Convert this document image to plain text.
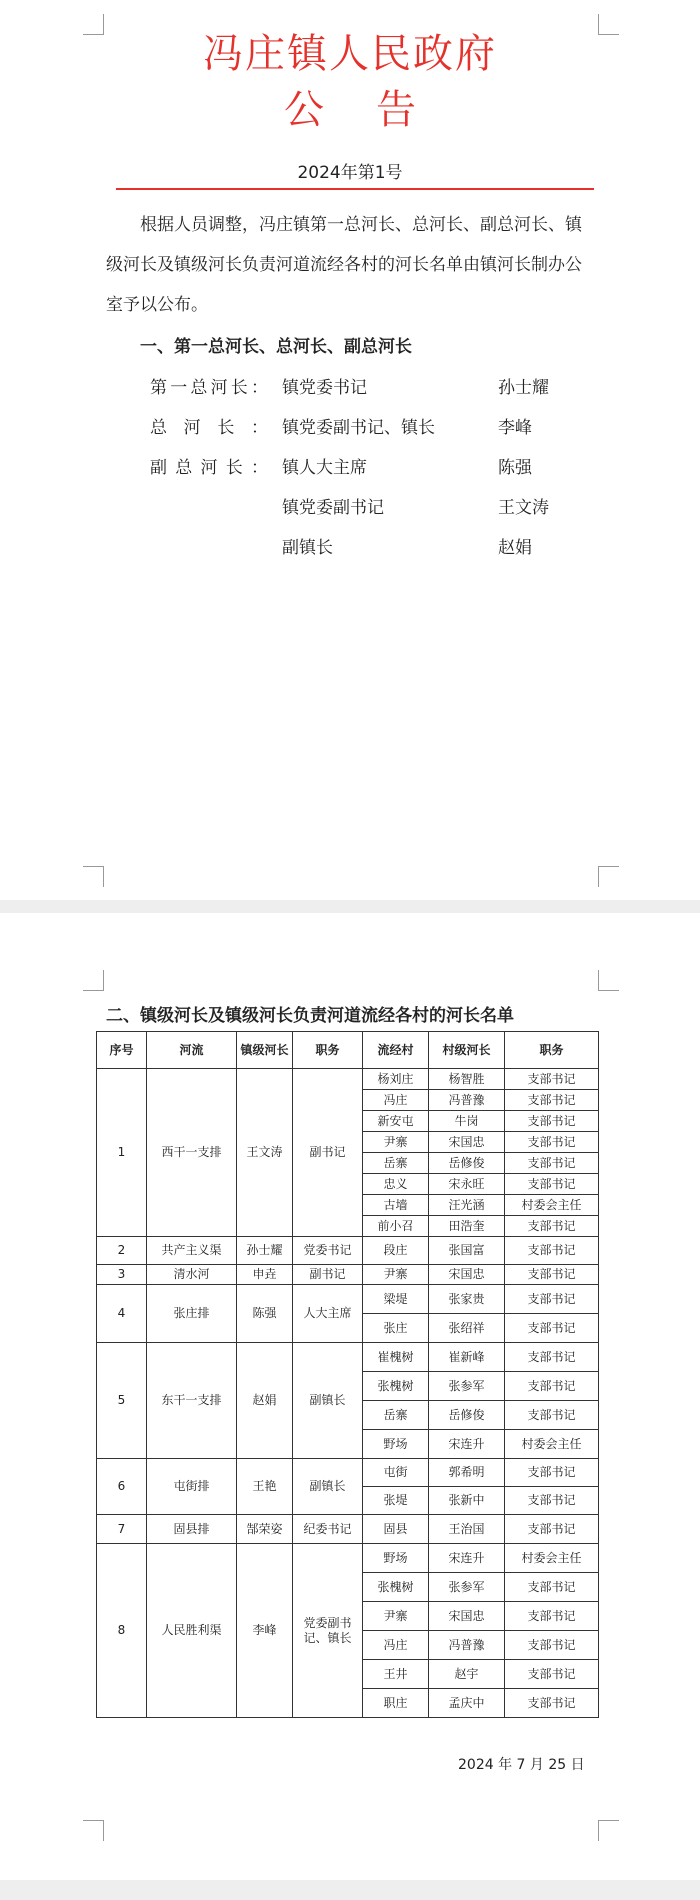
冯庄镇人民政府
公告
2024年第1号
根据人员调整，冯庄镇第一总河长、总河长、副总河长、镇级河长及镇级河长负责河道流经各村的河长名单由镇河长制办公室予以公布。
一、第一总河长、总河长、副总河长
第一总河长： 镇党委书记	孙士耀
总河长： 镇党委副书记、镇长	李峰
副总河长： 镇人大主席	陈强
镇党委副书记	王文涛
副镇长	赵娟
二、镇级河长及镇级河长负责河道流经各村的河长名单
序号	河流	镇级河长	职务	流经村	村级河长	职务
1	西干一支排	王文涛	副书记	杨刘庄	杨智胜	支部书记
				冯庄	冯普豫	支部书记
				新安屯	牛岗	支部书记
				尹寨	宋国忠	支部书记
				岳寨	岳修俊	支部书记
				忠义	宋永旺	支部书记
				古墙	汪光涵	村委会主任
				前小召	田浩奎	支部书记
2	共产主义渠	孙士耀	党委书记	段庄	张国富	支部书记
3	清水河	申垚	副书记	尹寨	宋国忠	支部书记
4	张庄排	陈强	人大主席	梁堤	张家贵	支部书记
				张庄	张绍祥	支部书记
5	东干一支排	赵娟	副镇长	崔槐树	崔新峰	支部书记
				张槐树	张参军	支部书记
				岳寨	岳修俊	支部书记
				野场	宋连升	村委会主任
6	屯街排	王艳	副镇长	屯街	郭希明	支部书记
				张堤	张新中	支部书记
7	固县排	郜荣姿	纪委书记	固县	王治国	支部书记
8	人民胜利渠	李峰	党委副书记、镇长	野场	宋连升	村委会主任
				张槐树	张参军	支部书记
				尹寨	宋国忠	支部书记
				冯庄	冯普豫	支部书记
				王井	赵宇	支部书记
				职庄	孟庆中	支部书记
2024 年 7 月 25 日
